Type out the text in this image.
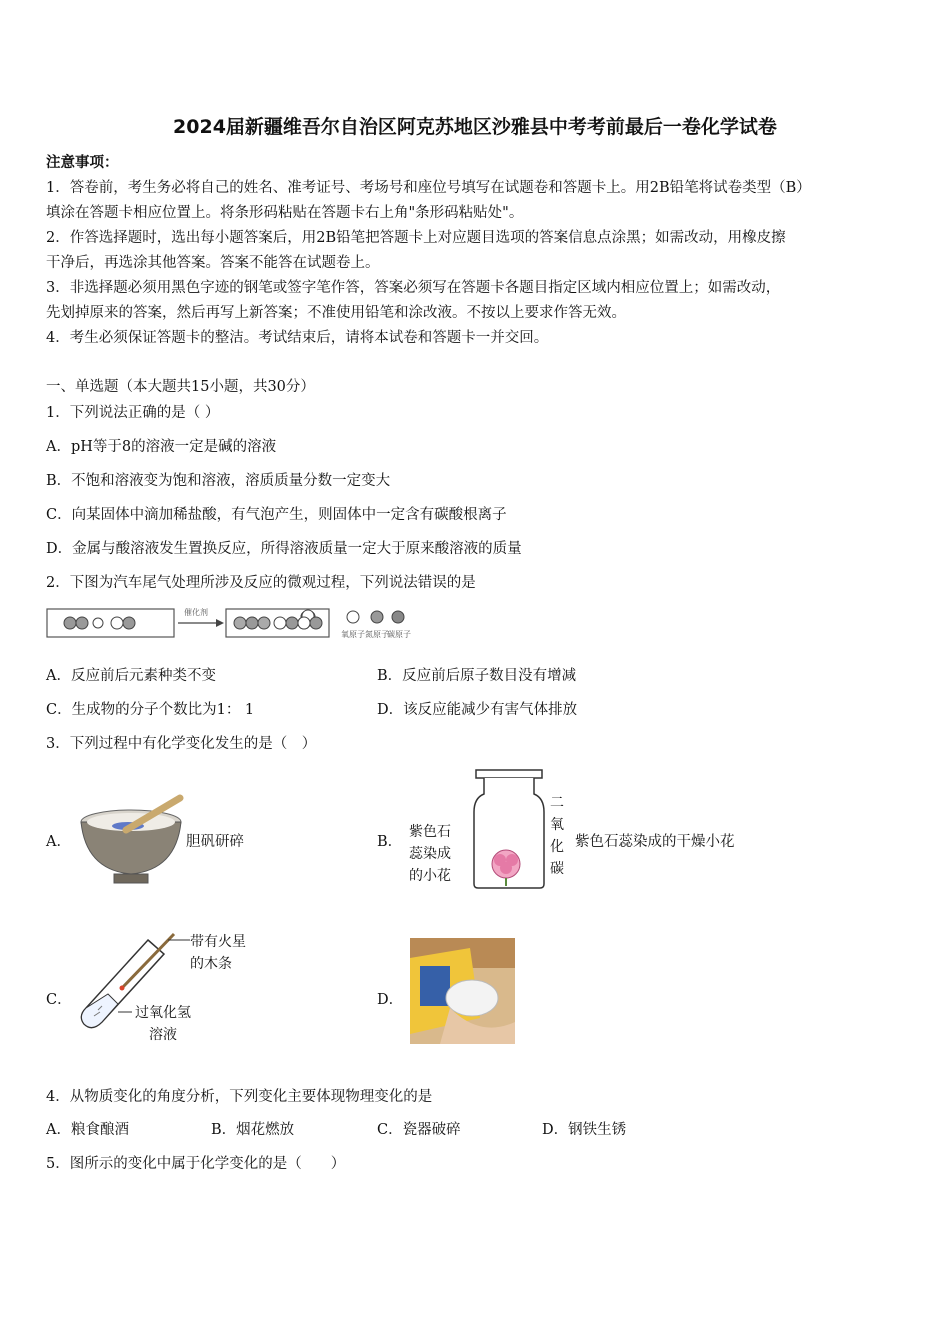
2024届新疆维吾尔自治区阿克苏地区沙雅县中考考前最后一卷化学试卷
注意事项：
1．答卷前，考生务必将自己的姓名、准考证号、考场号和座位号填写在试题卷和答题卡上。用2B铅笔将试卷类型（B）
填涂在答题卡相应位置上。将条形码粘贴在答题卡右上角"条形码粘贴处"。
2．作答选择题时，选出每小题答案后，用2B铅笔把答题卡上对应题目选项的答案信息点涂黑；如需改动，用橡皮擦
干净后，再选涂其他答案。答案不能答在试题卷上。
3．非选择题必须用黑色字迹的钢笔或签字笔作答，答案必须写在答题卡各题目指定区域内相应位置上；如需改动，
先划掉原来的答案，然后再写上新答案；不准使用铅笔和涂改液。不按以上要求作答无效。
4．考生必须保证答题卡的整洁。考试结束后，请将本试卷和答题卡一并交回。
一、单选题（本大题共15小题，共30分）
1．下列说法正确的是（ ）
A．pH等于8的溶液一定是碱的溶液
B．不饱和溶液变为饱和溶液，溶质质量分数一定变大
C．向某固体中滴加稀盐酸，有气泡产生，则固体中一定含有碳酸根离子
D．金属与酸溶液发生置换反应，所得溶液质量一定大于原来酸溶液的质量
2．下图为汽车尾气处理所涉及反应的微观过程，下列说法错误的是
催化剂
氧原子 氮原子
碳原子
A．反应前后元素种类不变	B．反应前后原子数目没有增减
C．生成物的分子个数比为1： 1	D．该反应能减少有害气体排放
3．下列过程中有化学变化发生的是（　）
A．	胆矾研碎	B．
紫色石
蕊染成
的小花
二
氧
化
碳
紫色石蕊染成的干燥小花
C．
带有火星
的木条
过氧化氢
溶液
D．
4．从物质变化的角度分析，下列变化主要体现物理变化的是
A．粮食酿酒	B．烟花燃放	C．瓷器破碎	D．钢铁生锈
5．图所示的变化中属于化学变化的是（　　）
